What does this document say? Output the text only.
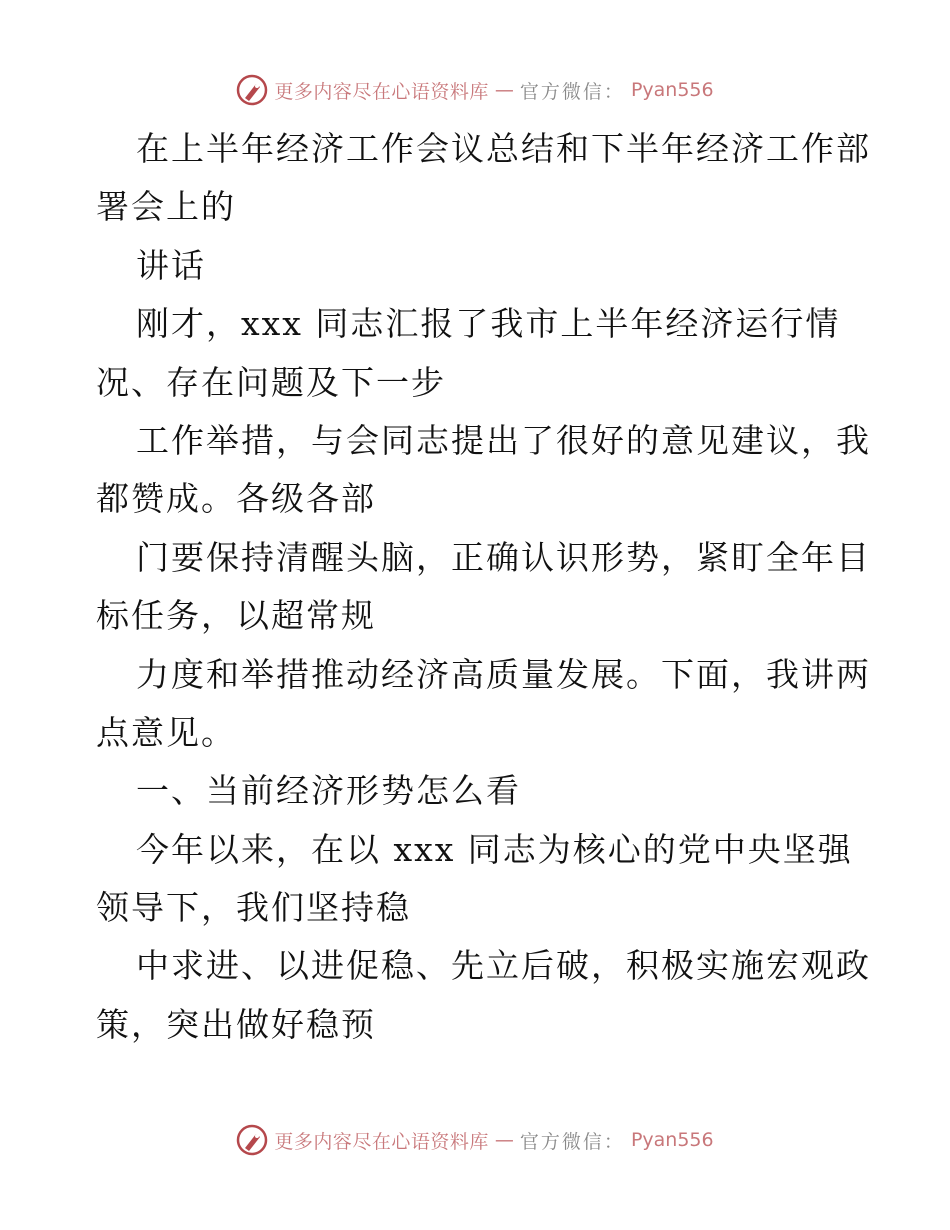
更多内容尽在心语资料库 — 官方微信： Pyan556
在上半年经济工作会议总结和下半年经济工作部
署会上的
讲话
刚才，xxx 同志汇报了我市上半年经济运行情
况、存在问题及下一步
工作举措，与会同志提出了很好的意见建议，我
都赞成。各级各部
门要保持清醒头脑，正确认识形势，紧盯全年目
标任务，以超常规
力度和举措推动经济高质量发展。下面，我讲两
点意见。
一、当前经济形势怎么看
今年以来，在以 xxx 同志为核心的党中央坚强
领导下，我们坚持稳
中求进、以进促稳、先立后破，积极实施宏观政
策，突出做好稳预
更多内容尽在心语资料库 — 官方微信： Pyan556
